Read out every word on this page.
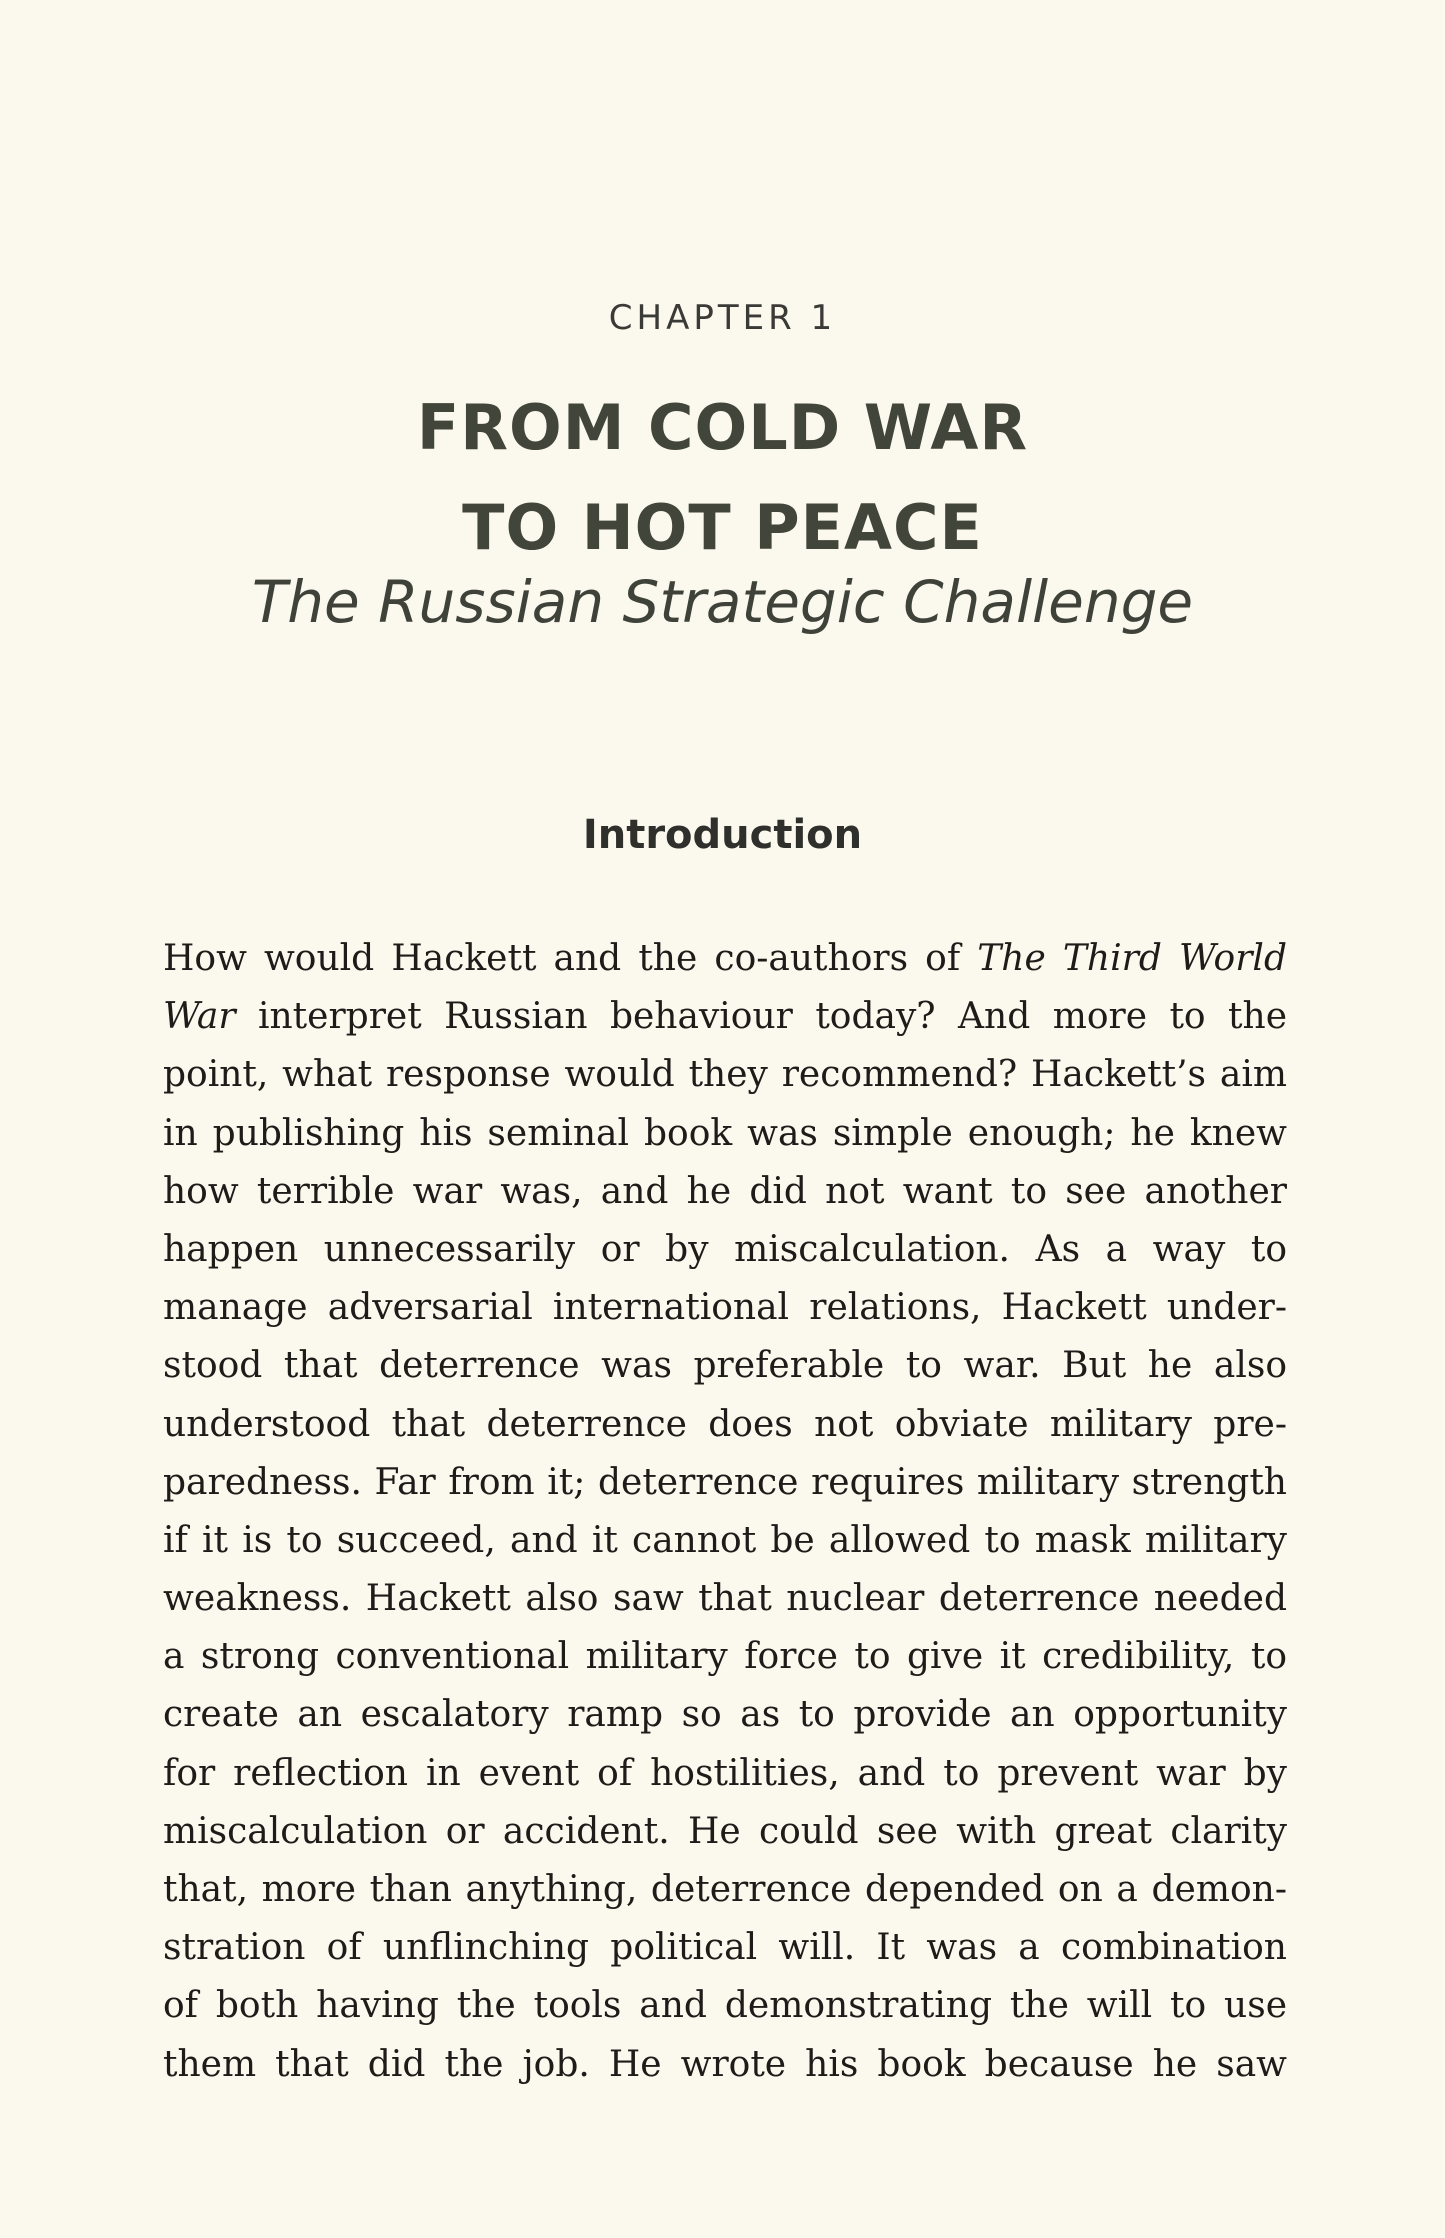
CHAPTER 1
FROM COLD WAR
TO HOT PEACE
The Russian Strategic Challenge
Introduction
How would Hackett and the co-authors of The Third World
War interpret Russian behaviour today? And more to the
point, what response would they recommend? Hackett’s aim
in publishing his seminal book was simple enough; he knew
how terrible war was, and he did not want to see another
happen unnecessarily or by miscalculation. As a way to
manage adversarial international relations, Hackett under-
stood that deterrence was preferable to war. But he also
understood that deterrence does not obviate military pre-
paredness. Far from it; deterrence requires military strength
if it is to succeed, and it cannot be allowed to mask military
weakness. Hackett also saw that nuclear deterrence needed
a strong conventional military force to give it credibility, to
create an escalatory ramp so as to provide an opportunity
for reflection in event of hostilities, and to prevent war by
miscalculation or accident. He could see with great clarity
that, more than anything, deterrence depended on a demon-
stration of unflinching political will. It was a combination
of both having the tools and demonstrating the will to use
them that did the job. He wrote his book because he saw
